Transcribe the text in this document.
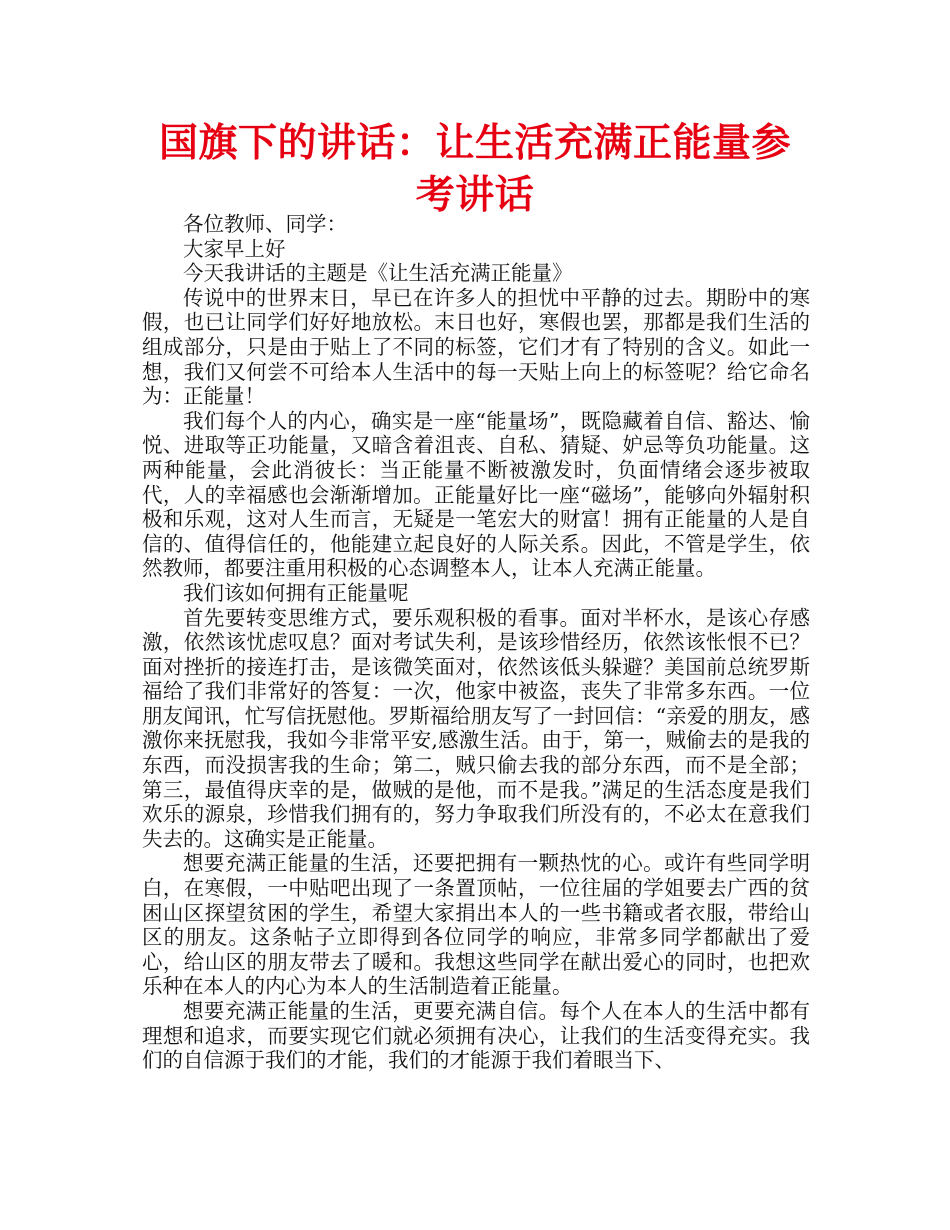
国旗下的讲话：让生活充满正能量参考讲话

各位教师、同学：

大家早上好

今天我讲话的主题是《让生活充满正能量》

传说中的世界末日，早已在许多人的担忧中平静的过去。期盼中的寒假，也已让同学们好好地放松。末日也好，寒假也罢，那都是我们生活的组成部分，只是由于贴上了不同的标签，它们才有了特别的含义。如此一想，我们又何尝不可给本人生活中的每一天贴上向上的标签呢？给它命名为：正能量！

我们每个人的内心，确实是一座“能量场”，既隐藏着自信、豁达、愉悦、进取等正功能量，又暗含着沮丧、自私、猜疑、妒忌等负功能量。这两种能量，会此消彼长：当正能量不断被激发时，负面情绪会逐步被取代，人的幸福感也会渐渐增加。正能量好比一座“磁场”，能够向外辐射积极和乐观，这对人生而言，无疑是一笔宏大的财富！拥有正能量的人是自信的、值得信任的，他能建立起良好的人际关系。因此，不管是学生，依然教师，都要注重用积极的心态调整本人，让本人充满正能量。

我们该如何拥有正能量呢

首先要转变思维方式，要乐观积极的看事。面对半杯水，是该心存感激，依然该忧虑叹息？面对考试失利，是该珍惜经历，依然该怅恨不已？面对挫折的接连打击，是该微笑面对，依然该低头躲避？美国前总统罗斯福给了我们非常好的答复：一次，他家中被盗，丧失了非常多东西。一位朋友闻讯，忙写信抚慰他。罗斯福给朋友写了一封回信：“亲爱的朋友，感激你来抚慰我，我如今非常平安,感激生活。由于，第一，贼偷去的是我的东西，而没损害我的生命；第二，贼只偷去我的部分东西，而不是全部；第三，最值得庆幸的是，做贼的是他，而不是我。”满足的生活态度是我们欢乐的源泉，珍惜我们拥有的，努力争取我们所没有的，不必太在意我们失去的。这确实是正能量。

想要充满正能量的生活，还要把拥有一颗热忱的心。或许有些同学明白，在寒假，一中贴吧出现了一条置顶帖，一位往届的学姐要去广西的贫困山区探望贫困的学生，希望大家捐出本人的一些书籍或者衣服，带给山区的朋友。这条帖子立即得到各位同学的响应，非常多同学都献出了爱心，给山区的朋友带去了暖和。我想这些同学在献出爱心的同时，也把欢乐种在本人的内心为本人的生活制造着正能量。

想要充满正能量的生活，更要充满自信。每个人在本人的生活中都有理想和追求，而要实现它们就必须拥有决心，让我们的生活变得充实。我们的自信源于我们的才能，我们的才能源于我们着眼当下、
